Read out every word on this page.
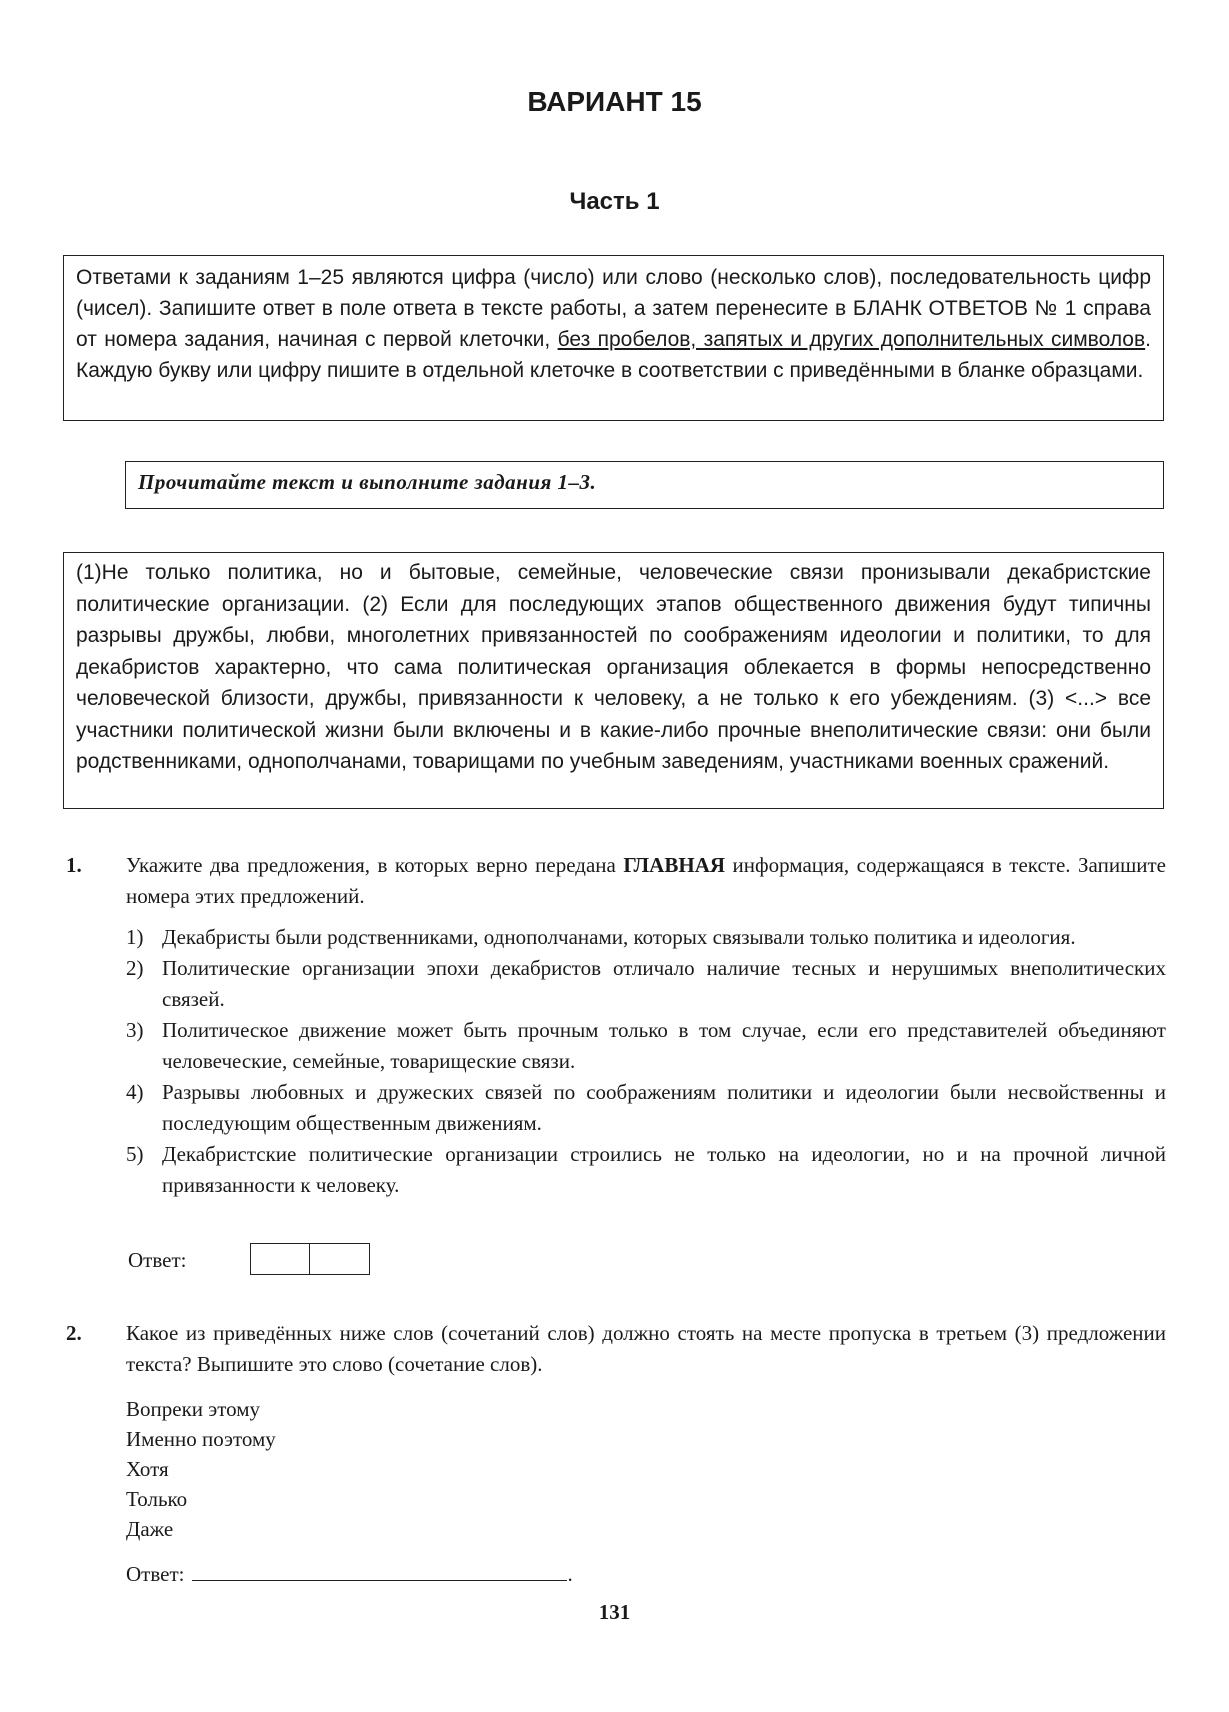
ВАРИАНТ 15
Часть 1
Ответами к заданиям 1–25 являются цифра (число) или слово (несколько слов), последовательность цифр (чисел). Запишите ответ в поле ответа в тексте работы, а затем перенесите в БЛАНК ОТВЕТОВ № 1 справа от номера задания, начиная с первой клеточки, без пробелов, запятых и других дополнительных символов. Каждую букву или цифру пишите в отдельной клеточке в соответствии с приведёнными в бланке образцами.
Прочитайте текст и выполните задания 1–3.
(1)Не только политика, но и бытовые, семейные, человеческие связи пронизывали декабристские политические организации. (2) Если для последующих этапов общественного движения будут типичны разрывы дружбы, любви, многолетних привязанностей по соображениям идеологии и политики, то для декабристов характерно, что сама политическая организация облекается в формы непосредственно человеческой близости, дружбы, привязанности к человеку, а не только к его убеждениям. (3) <...> все участники политической жизни были включены и в какие-либо прочные внеполитические связи: они были родственниками, однополчанами, товарищами по учебным заведениям, участниками военных сражений.
1. Укажите два предложения, в которых верно передана ГЛАВНАЯ информация, содержащаяся в тексте. Запишите номера этих предложений.
1) Декабристы были родственниками, однополчанами, которых связывали только политика и идеология.
2) Политические организации эпохи декабристов отличало наличие тесных и нерушимых внеполитических связей.
3) Политическое движение может быть прочным только в том случае, если его представителей объединяют человеческие, семейные, товарищеские связи.
4) Разрывы любовных и дружеских связей по соображениям политики и идеологии были несвойственны и последующим общественным движениям.
5) Декабристские политические организации строились не только на идеологии, но и на прочной личной привязанности к человеку.
Ответ:
2. Какое из приведённых ниже слов (сочетаний слов) должно стоять на месте пропуска в третьем (3) предложении текста? Выпишите это слово (сочетание слов).
Вопреки этому
Именно поэтому
Хотя
Только
Даже
Ответ:	.
131
